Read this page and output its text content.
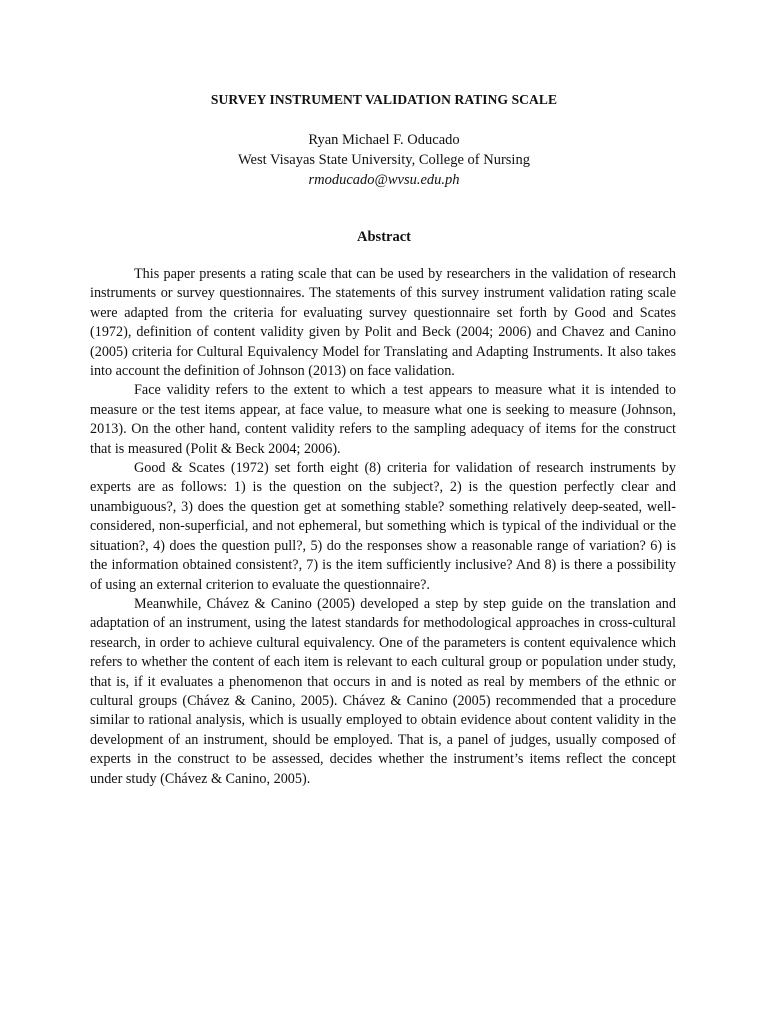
SURVEY INSTRUMENT VALIDATION RATING SCALE
Ryan Michael F. Oducado
West Visayas State University, College of Nursing
rmoducado@wvsu.edu.ph
Abstract

This paper presents a rating scale that can be used by researchers in the validation of research instruments or survey questionnaires. The statements of this survey instrument validation rating scale were adapted from the criteria for evaluating survey questionnaire set forth by Good and Scates (1972), definition of content validity given by Polit and Beck (2004; 2006) and Chavez and Canino (2005) criteria for Cultural Equivalency Model for Translating and Adapting Instruments. It also takes into account the definition of Johnson (2013) on face validation.

Face validity refers to the extent to which a test appears to measure what it is intended to measure or the test items appear, at face value, to measure what one is seeking to measure (Johnson, 2013). On the other hand, content validity refers to the sampling adequacy of items for the construct that is measured (Polit & Beck 2004; 2006).

Good & Scates (1972) set forth eight (8) criteria for validation of research instruments by experts are as follows: 1) is the question on the subject?, 2) is the question perfectly clear and unambiguous?, 3) does the question get at something stable? something relatively deep-seated, well-considered, non-superficial, and not ephemeral, but something which is typical of the individual or the situation?, 4) does the question pull?, 5) do the responses show a reasonable range of variation? 6) is the information obtained consistent?, 7) is the item sufficiently inclusive? And 8) is there a possibility of using an external criterion to evaluate the questionnaire?.

Meanwhile, Chávez & Canino (2005) developed a step by step guide on the translation and adaptation of an instrument, using the latest standards for methodological approaches in cross-cultural research, in order to achieve cultural equivalency. One of the parameters is content equivalence which refers to whether the content of each item is relevant to each cultural group or population under study, that is, if it evaluates a phenomenon that occurs in and is noted as real by members of the ethnic or cultural groups (Chávez & Canino, 2005). Chávez & Canino (2005) recommended that a procedure similar to rational analysis, which is usually employed to obtain evidence about content validity in the development of an instrument, should be employed. That is, a panel of judges, usually composed of experts in the construct to be assessed, decides whether the instrument’s items reflect the concept under study (Chávez & Canino, 2005).
